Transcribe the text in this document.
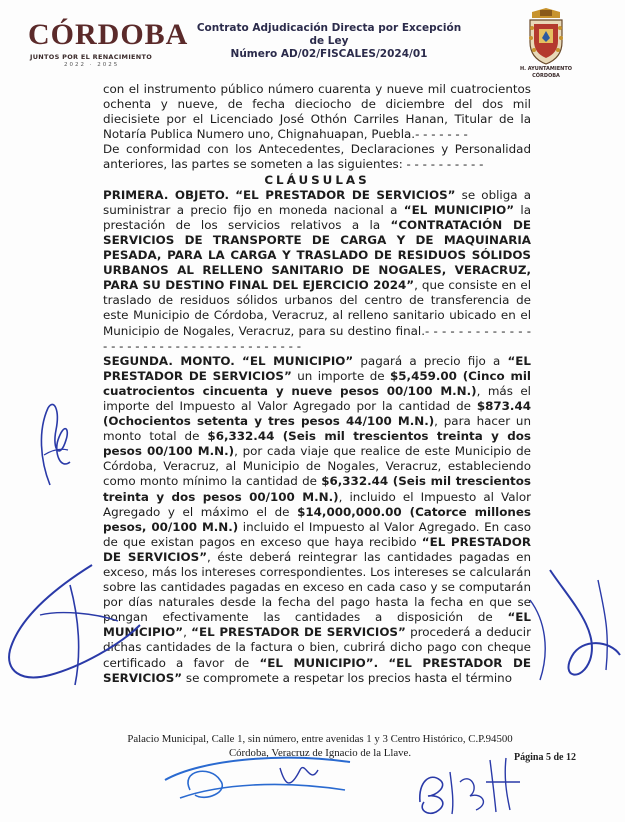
CÓRDOBA
JUNTOS POR EL RENACIMIENTO
2022 · 2025
Contrato Adjudicación Directa por Excepción de Ley
Número AD/02/FISCALES/2024/01
H. AYUNTAMIENTO
CÓRDOBA

con el instrumento público número cuarenta y nueve mil cuatrocientos ochenta y nueve, de fecha dieciocho de diciembre del dos mil diecisiete por el Licenciado José Othón Carriles Hanan, Titular de la Notaría Publica Numero uno, Chignahuapan, Puebla.- - - - - - -

De conformidad con los Antecedentes, Declaraciones y Personalidad anteriores, las partes se someten a las siguientes: - - - - - - - - - -

CLÁUSULAS

PRIMERA. OBJETO. “EL PRESTADOR DE SERVICIOS” se obliga a suministrar a precio fijo en moneda nacional a “EL MUNICIPIO” la prestación de los servicios relativos a la “CONTRATACIÓN DE SERVICIOS DE TRANSPORTE DE CARGA Y DE MAQUINARIA PESADA, PARA LA CARGA Y TRASLADO DE RESIDUOS SÓLIDOS URBANOS AL RELLENO SANITARIO DE NOGALES, VERACRUZ, PARA SU DESTINO FINAL DEL EJERCICIO 2024”, que consiste en el traslado de residuos sólidos urbanos del centro de transferencia de este Municipio de Córdoba, Veracruz, al relleno sanitario ubicado en el Municipio de Nogales, Veracruz, para su destino final.- - - - - - - - - - - - - - - - - - - - - - - - - - - - - - - - - - - - - -

SEGUNDA. MONTO. “EL MUNICIPIO” pagará a precio fijo a “EL PRESTADOR DE SERVICIOS” un importe de $5,459.00 (Cinco mil cuatrocientos cincuenta y nueve pesos 00/100 M.N.), más el importe del Impuesto al Valor Agregado por la cantidad de $873.44 (Ochocientos setenta y tres pesos 44/100 M.N.), para hacer un monto total de $6,332.44 (Seis mil trescientos treinta y dos pesos 00/100 M.N.), por cada viaje que realice de este Municipio de Córdoba, Veracruz, al Municipio de Nogales, Veracruz, estableciendo como monto mínimo la cantidad de $6,332.44 (Seis mil trescientos treinta y dos pesos 00/100 M.N.), incluido el Impuesto al Valor Agregado y el máximo el de $14,000,000.00 (Catorce millones pesos, 00/100 M.N.) incluido el Impuesto al Valor Agregado. En caso de que existan pagos en exceso que haya recibido “EL PRESTADOR DE SERVICIOS”, éste deberá reintegrar las cantidades pagadas en exceso, más los intereses correspondientes. Los intereses se calcularán sobre las cantidades pagadas en exceso en cada caso y se computarán por días naturales desde la fecha del pago hasta la fecha en que se pongan efectivamente las cantidades a disposición de “EL MUNICIPIO”, “EL PRESTADOR DE SERVICIOS” procederá a deducir dichas cantidades de la factura o bien, cubrirá dicho pago con cheque certificado a favor de “EL MUNICIPIO”. “EL PRESTADOR DE SERVICIOS” se compromete a respetar los precios hasta el término

Palacio Municipal, Calle 1, sin número, entre avenidas 1 y 3 Centro Histórico, C.P.94500
Córdoba, Veracruz de Ignacio de la Llave.	Página 5 de 12
